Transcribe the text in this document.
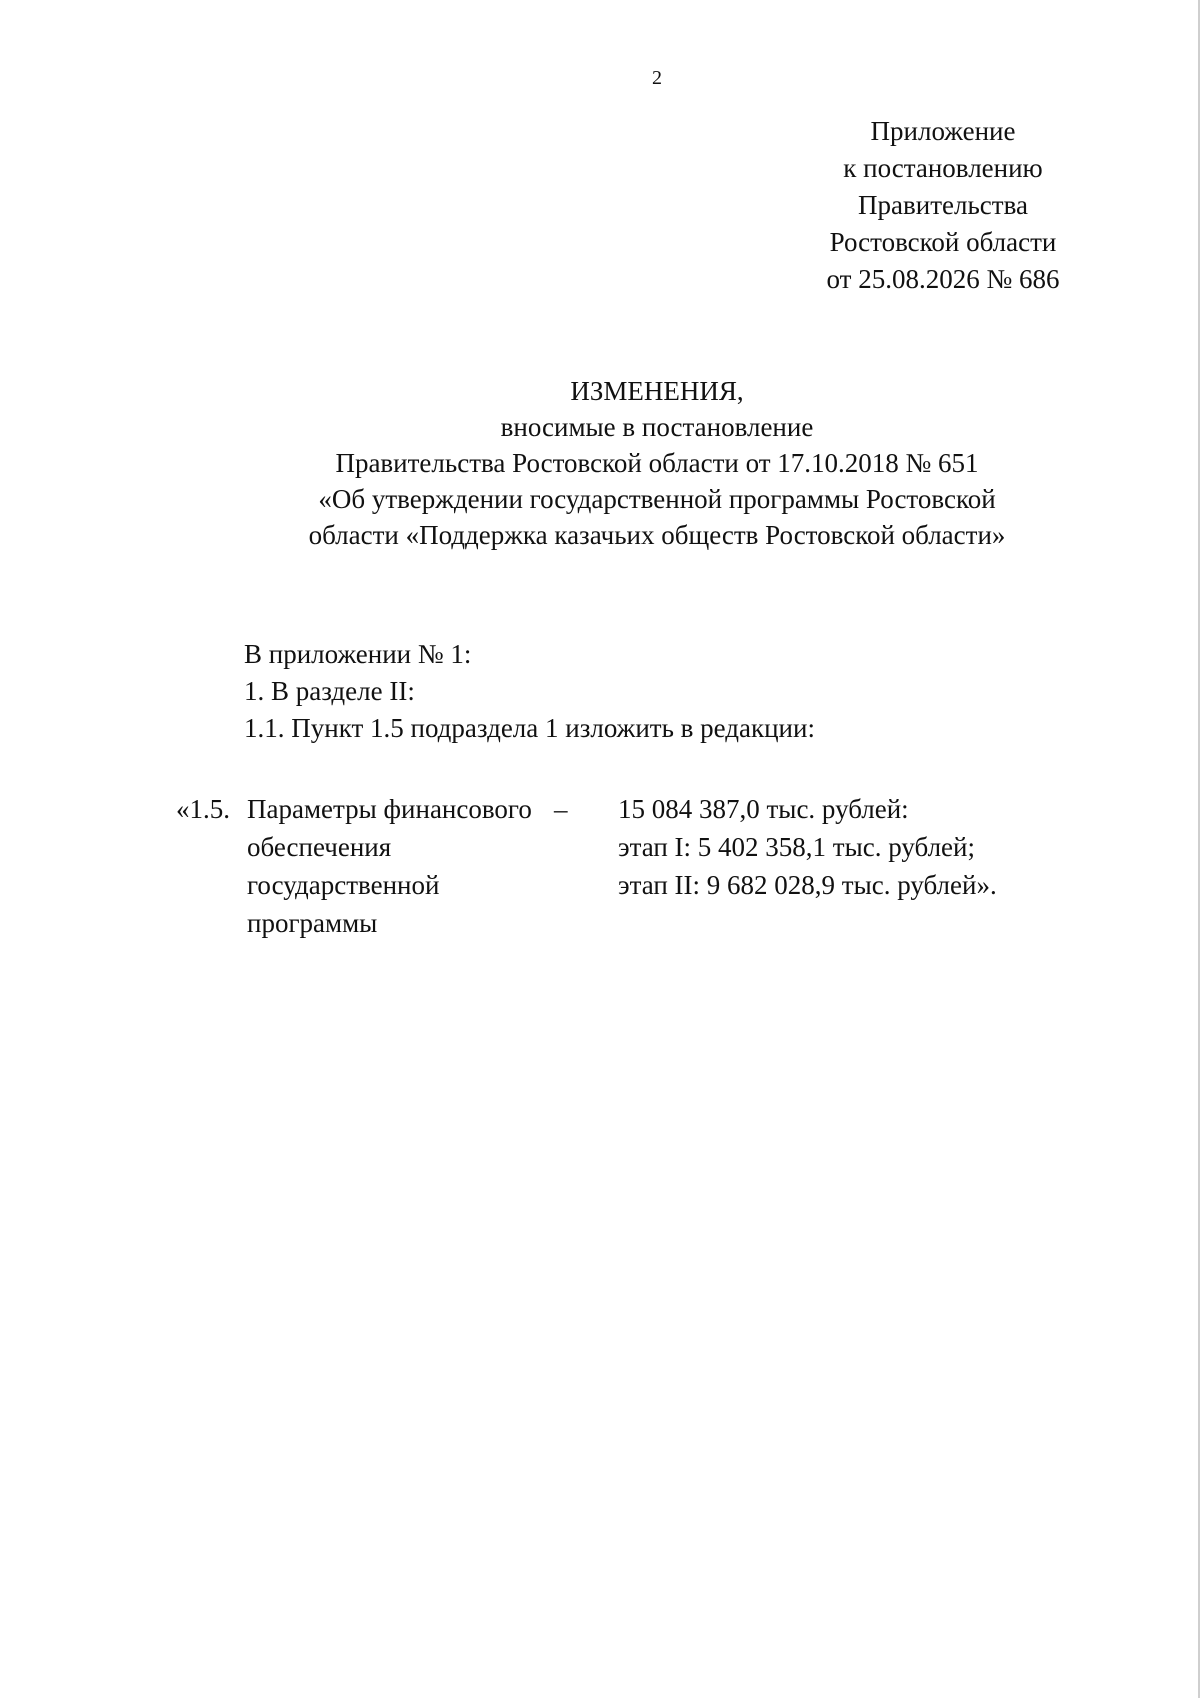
2
Приложение
к постановлению
Правительства
Ростовской области
от 25.08.2026 № 686
ИЗМЕНЕНИЯ,
вносимые в постановление
Правительства Ростовской области от 17.10.2018 № 651
«Об утверждении государственной программы Ростовской
области «Поддержка казачьих обществ Ростовской области»
В приложении № 1:
1. В разделе II:
1.1. Пункт 1.5 подраздела 1 изложить в редакции:
«1.5. Параметры финансового
обеспечения
государственной
программы
– 15 084 387,0 тыс. рублей:
этап I: 5 402 358,1 тыс. рублей;
этап II: 9 682 028,9 тыс. рублей».
